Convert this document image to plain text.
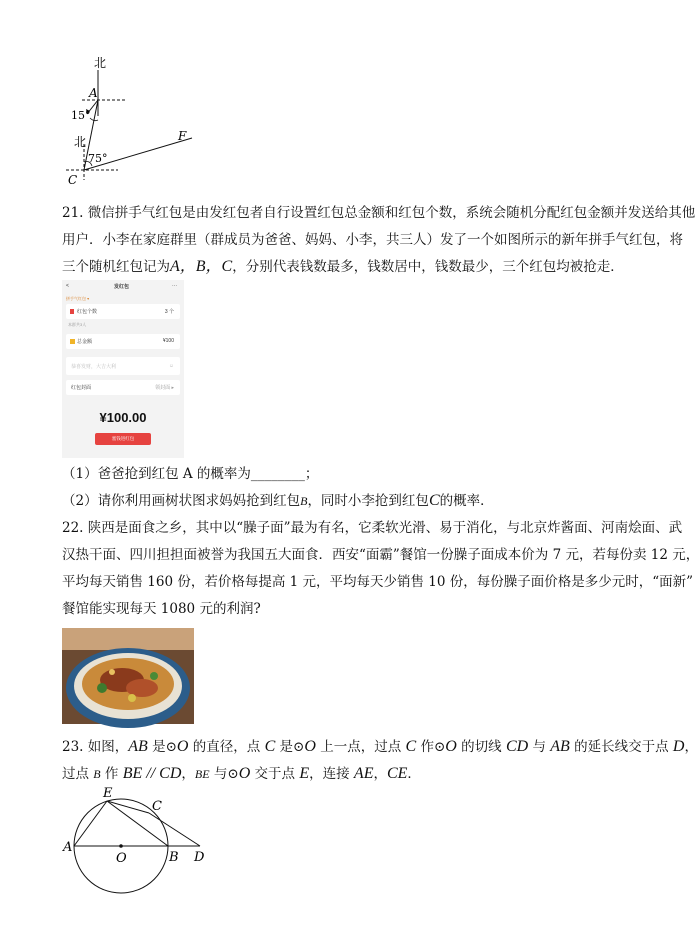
北
A
15°
北
75°
C
F
21. 微信拼手气红包是由发红包者自行设置红包总金额和红包个数，系统会随机分配红包金额并发送给其他
用户．小李在家庭群里（群成员为爸爸、妈妈、小李，共三人）发了一个如图所示的新年拼手气红包，将
三个随机红包记为A，B，C，分别代表钱数最多，钱数居中，钱数最少，三个红包均被抢走．
<	发红包	···
拼手气红包 ▾
红包个数	3 个
本群共3人
总金额	¥100
恭喜发财，大吉大利	☺
红包封面	领封面 ▸
¥100.00
塞钱进红包
（1）爸爸抢到红包 A 的概率为________；
（2）请你利用画树状图求妈妈抢到红包B，同时小李抢到红包C的概率．
22. 陕西是面食之乡，其中以“臊子面”最为有名，它柔软光滑、易于消化，与北京炸酱面、河南烩面、武
汉热干面、四川担担面被誉为我国五大面食．西安“面霸”餐馆一份臊子面成本价为 7 元，若每份卖 12 元，
平均每天销售 160 份，若价格每提高 1 元，平均每天少销售 10 份，每份臊子面价格是多少元时，“面新”
餐馆能实现每天 1080 元的利润?
23. 如图，AB 是⊙O 的直径，点 C 是⊙O 上一点，过点 C 作⊙O 的切线 CD 与 AB 的延长线交于点 D，
过点 B 作 BE // CD，BE 与⊙O 交于点 E，连接 AE，CE．
E
C
A
O	B D
